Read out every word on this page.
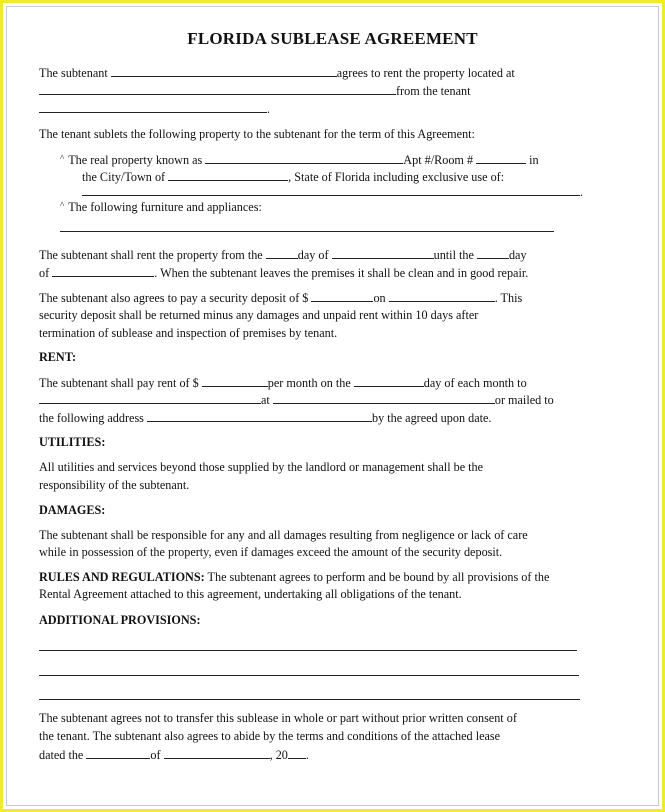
FLORIDA SUBLEASE AGREEMENT
The subtenant	agrees to rent the property located at
from the tenant
.
The tenant sublets the following property to the subtenant for the term of this Agreement:
^ The real property known as	Apt #/Room #	in
the City/Town of	, State of Florida including exclusive use of:
.
^ The following furniture and appliances:
The subtenant shall rent the property from the	day of	until the	day
of	. When the subtenant leaves the premises it shall be clean and in good repair.
The subtenant also agrees to pay a security deposit of $	on	. This
security deposit shall be returned minus any damages and unpaid rent within 10 days after
termination of sublease and inspection of premises by tenant.
RENT:
The subtenant shall pay rent of $	per month on the	day of each month to
at	or mailed to
the following address	by the agreed upon date.
UTILITIES:
All utilities and services beyond those supplied by the landlord or management shall be the
responsibility of the subtenant.
DAMAGES:
The subtenant shall be responsible for any and all damages resulting from negligence or lack of care
while in possession of the property, even if damages exceed the amount of the security deposit.
RULES AND REGULATIONS: The subtenant agrees to perform and be bound by all provisions of the
Rental Agreement attached to this agreement, undertaking all obligations of the tenant.
ADDITIONAL PROVISIONS:
The subtenant agrees not to transfer this sublease in whole or part without prior written consent of
the tenant. The subtenant also agrees to abide by the terms and conditions of the attached lease
dated the	of	, 20 .
